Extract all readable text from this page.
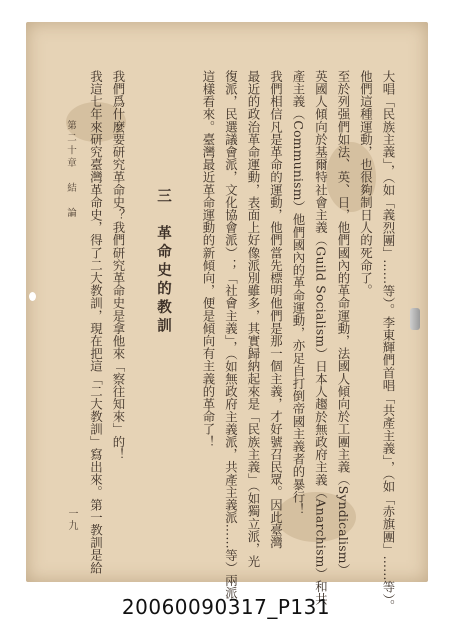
第二十章　結　論
一九	大唱「民族主義」，（如「義烈團」……等）。李東輝們首唱「共產主義」，（如「赤旗團」……等）。
他們這種運動，也很夠制日人的死命了。
至於列强們如法、英、日，他們國內的革命運動，法國人傾向於工團主義（Syndicalism）
英國人傾向於基爾特社會主義（Guild Socialism）日本人趨於無政府主義（Anarchism）和共
產主義（Communism）他們國內的革命運動，亦足自打倒帝國主義者的暴行！
我們相信凡是革命的運動，他們當先標明他們是那一個主義，才好號召民眾。因此臺灣
最近的政治革命運動，表面上好像派別雖多，其實歸納起來是「民族主義」（如獨立派，光
復派，民選議會派，文化協會派）；「社會主義」，（如無政府主義派，共產主義派……等）兩派
這樣看來。臺灣最近革命運動的新傾向，便是傾向有主義的革命了！
三　革命史的教訓
我們爲什麼要研究革命史？我們研究革命史是拿他來「察往知來」的！
我這七年來研究臺灣革命史，得了二大教訓，現在把這「二大教訓」寫出來。第一教訓是給
20060090317_P131
